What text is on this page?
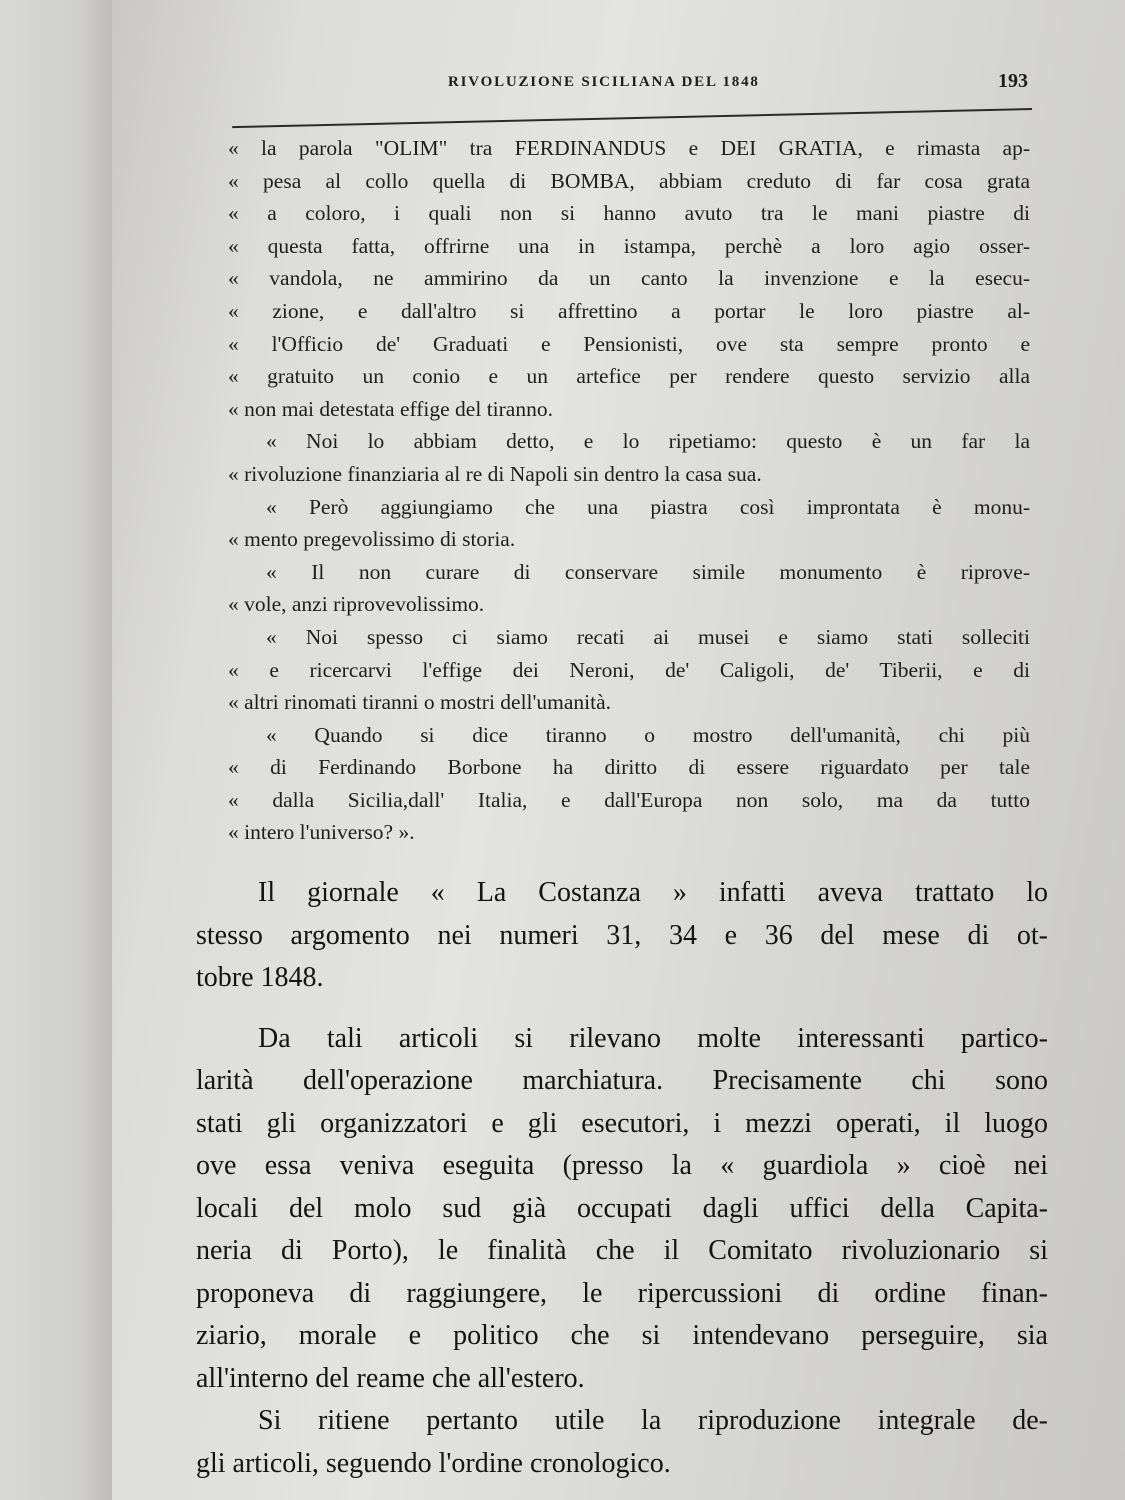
RIVOLUZIONE SICILIANA DEL 1848	193
« la parola "OLIM" tra FERDINANDUS e DEI GRATIA, e rimasta ap-
« pesa al collo quella di BOMBA, abbiam creduto di far cosa grata
« a coloro, i quali non si hanno avuto tra le mani piastre di
« questa fatta, offrirne una in istampa, perchè a loro agio osser-
« vandola, ne ammirino da un canto la invenzione e la esecu-
« zione, e dall'altro si affrettino a portar le loro piastre al-
« l'Officio de' Graduati e Pensionisti, ove sta sempre pronto e
« gratuito un conio e un artefice per rendere questo servizio alla
« non mai detestata effige del tiranno.
« Noi lo abbiam detto, e lo ripetiamo: questo è un far la
« rivoluzione finanziaria al re di Napoli sin dentro la casa sua.
« Però aggiungiamo che una piastra così improntata è monu-
« mento pregevolissimo di storia.
« Il non curare di conservare simile monumento è riprove-
« vole, anzi riprovevolissimo.
« Noi spesso ci siamo recati ai musei e siamo stati solleciti
« e ricercarvi l'effige dei Neroni, de' Caligoli, de' Tiberii, e di
« altri rinomati tiranni o mostri dell'umanità.
« Quando si dice tiranno o mostro dell'umanità, chi più
« di Ferdinando Borbone ha diritto di essere riguardato per tale
« dalla Sicilia,dall' Italia, e dall'Europa non solo, ma da tutto
« intero l'universo? ».
Il giornale « La Costanza » infatti aveva trattato lo
stesso argomento nei numeri 31, 34 e 36 del mese di ot-
tobre 1848.
Da tali articoli si rilevano molte interessanti partico-
larità dell'operazione marchiatura. Precisamente chi sono
stati gli organizzatori e gli esecutori, i mezzi operati, il luogo
ove essa veniva eseguita (presso la « guardiola » cioè nei
locali del molo sud già occupati dagli uffici della Capita-
neria di Porto), le finalità che il Comitato rivoluzionario si
proponeva di raggiungere, le ripercussioni di ordine finan-
ziario, morale e politico che si intendevano perseguire, sia
all'interno del reame che all'estero.
Si ritiene pertanto utile la riproduzione integrale de-
gli articoli, seguendo l'ordine cronologico.
